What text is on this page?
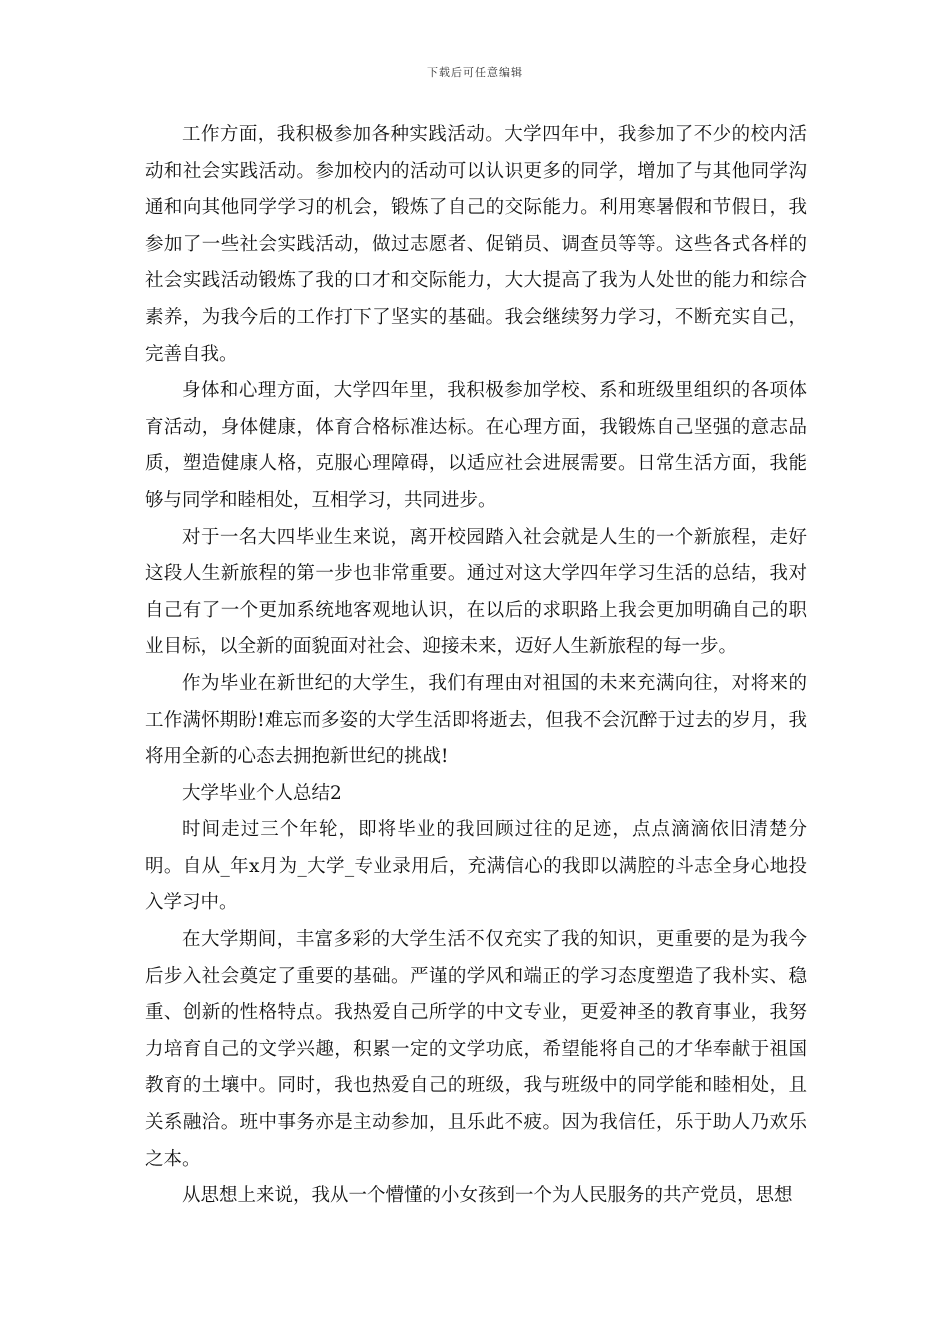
下载后可任意编辑

工作方面，我积极参加各种实践活动。大学四年中，我参加了不少的校内活动和社会实践活动。参加校内的活动可以认识更多的同学，增加了与其他同学沟通和向其他同学学习的机会，锻炼了自己的交际能力。利用寒暑假和节假日，我参加了一些社会实践活动，做过志愿者、促销员、调查员等等。这些各式各样的社会实践活动锻炼了我的口才和交际能力，大大提高了我为人处世的能力和综合素养，为我今后的工作打下了坚实的基础。我会继续努力学习，不断充实自己，完善自我。

身体和心理方面，大学四年里，我积极参加学校、系和班级里组织的各项体育活动，身体健康，体育合格标准达标。在心理方面，我锻炼自己坚强的意志品质，塑造健康人格，克服心理障碍，以适应社会进展需要。日常生活方面，我能够与同学和睦相处，互相学习，共同进步。

对于一名大四毕业生来说，离开校园踏入社会就是人生的一个新旅程，走好这段人生新旅程的第一步也非常重要。通过对这大学四年学习生活的总结，我对自己有了一个更加系统地客观地认识，在以后的求职路上我会更加明确自己的职业目标，以全新的面貌面对社会、迎接未来，迈好人生新旅程的每一步。

作为毕业在新世纪的大学生，我们有理由对祖国的未来充满向往，对将来的工作满怀期盼!难忘而多姿的大学生活即将逝去，但我不会沉醉于过去的岁月，我将用全新的心态去拥抱新世纪的挑战!

大学毕业个人总结2

时间走过三个年轮，即将毕业的我回顾过往的足迹，点点滴滴依旧清楚分明。自从_年x月为_大学_专业录用后，充满信心的我即以满腔的斗志全身心地投入学习中。

在大学期间，丰富多彩的大学生活不仅充实了我的知识，更重要的是为我今后步入社会奠定了重要的基础。严谨的学风和端正的学习态度塑造了我朴实、稳重、创新的性格特点。我热爱自己所学的中文专业，更爱神圣的教育事业，我努力培育自己的文学兴趣，积累一定的文学功底，希望能将自己的才华奉献于祖国教育的土壤中。同时，我也热爱自己的班级，我与班级中的同学能和睦相处，且关系融洽。班中事务亦是主动参加，且乐此不疲。因为我信任，乐于助人乃欢乐之本。

从思想上来说，我从一个懵懂的小女孩到一个为人民服务的共产党员，思想
